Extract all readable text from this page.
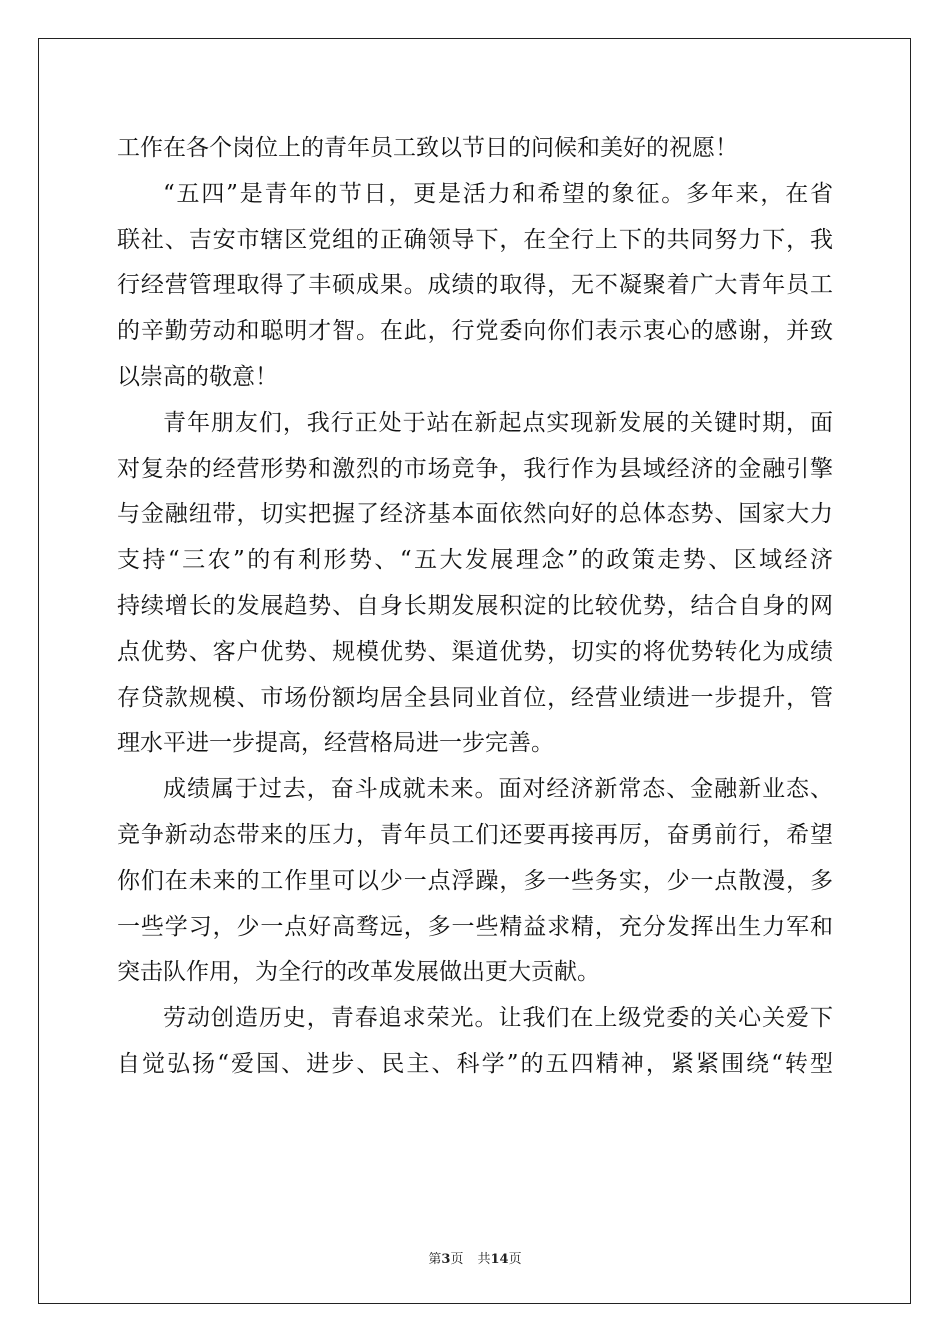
工作在各个岗位上的青年员工致以节日的问候和美好的祝愿！
“五四”是青年的节日，更是活力和希望的象征。多年来，在省
联社、吉安市辖区党组的正确领导下，在全行上下的共同努力下，我
行经营管理取得了丰硕成果。成绩的取得，无不凝聚着广大青年员工
的辛勤劳动和聪明才智。在此，行党委向你们表示衷心的感谢，并致
以崇高的敬意！
青年朋友们，我行正处于站在新起点实现新发展的关键时期，面
对复杂的经营形势和激烈的市场竞争，我行作为县域经济的金融引擎
与金融纽带，切实把握了经济基本面依然向好的总体态势、国家大力
支持“三农”的有利形势、“五大发展理念”的政策走势、区域经济
持续增长的发展趋势、自身长期发展积淀的比较优势，结合自身的网
点优势、客户优势、规模优势、渠道优势，切实的将优势转化为成绩
存贷款规模、市场份额均居全县同业首位，经营业绩进一步提升，管
理水平进一步提高，经营格局进一步完善。
成绩属于过去，奋斗成就未来。面对经济新常态、金融新业态、
竞争新动态带来的压力，青年员工们还要再接再厉，奋勇前行，希望
你们在未来的工作里可以少一点浮躁，多一些务实，少一点散漫，多
一些学习，少一点好高骛远，多一些精益求精，充分发挥出生力军和
突击队作用，为全行的改革发展做出更大贡献。
劳动创造历史，青春追求荣光。让我们在上级党委的关心关爱下
自觉弘扬“爱国、进步、民主、科学”的五四精神，紧紧围绕“转型
第3页 共14页
